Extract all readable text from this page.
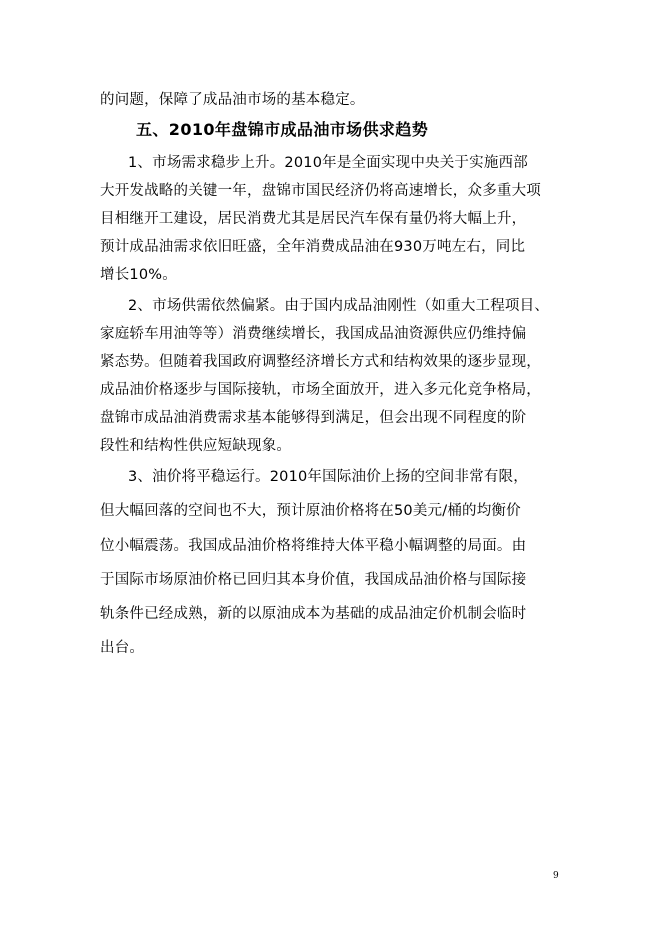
的问题，保障了成品油市场的基本稳定。
五、2010年盘锦市成品油市场供求趋势
1、市场需求稳步上升。2010年是全面实现中央关于实施西部
大开发战略的关键一年，盘锦市国民经济仍将高速增长，众多重大项
目相继开工建设，居民消费尤其是居民汽车保有量仍将大幅上升，
预计成品油需求依旧旺盛，全年消费成品油在930万吨左右，同比
增长10%。
2、市场供需依然偏紧。由于国内成品油刚性（如重大工程项目、
家庭轿车用油等等）消费继续增长，我国成品油资源供应仍维持偏
紧态势。但随着我国政府调整经济增长方式和结构效果的逐步显现，
成品油价格逐步与国际接轨，市场全面放开，进入多元化竞争格局，
盘锦市成品油消费需求基本能够得到满足，但会出现不同程度的阶
段性和结构性供应短缺现象。
3、油价将平稳运行。2010年国际油价上扬的空间非常有限，
但大幅回落的空间也不大，预计原油价格将在50美元/桶的均衡价
位小幅震荡。我国成品油价格将维持大体平稳小幅调整的局面。由
于国际市场原油价格已回归其本身价值，我国成品油价格与国际接
轨条件已经成熟，新的以原油成本为基础的成品油定价机制会临时
出台。
9
